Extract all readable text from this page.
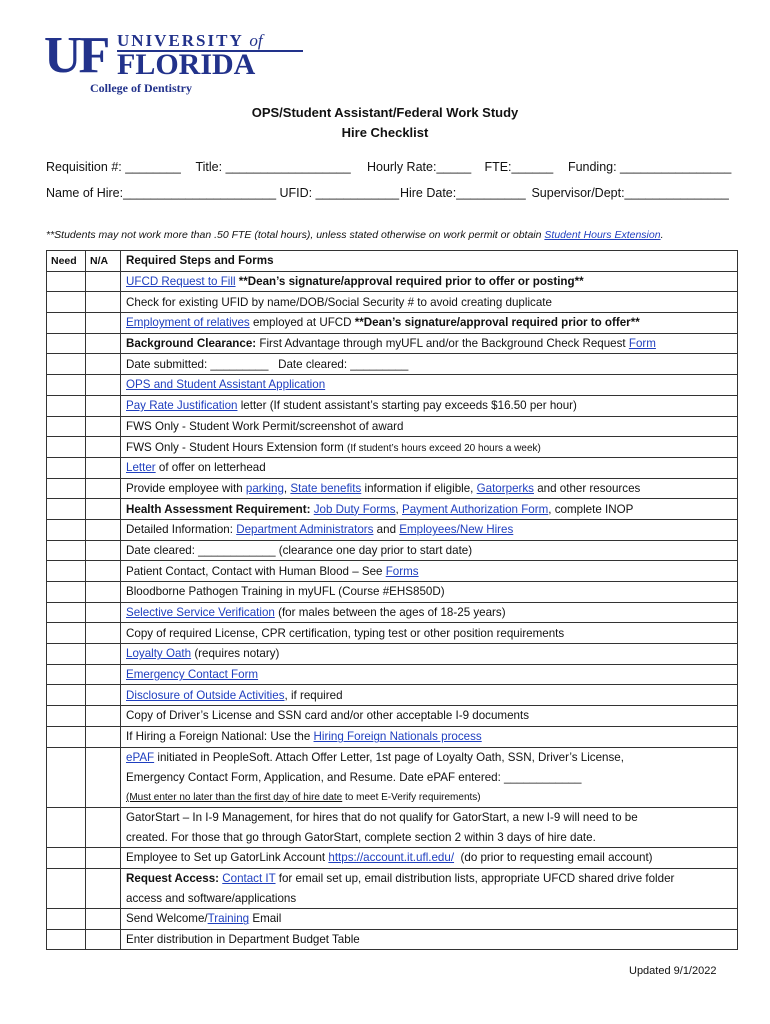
UF UNIVERSITY of
FLORIDA
College of Dentistry
OPS/Student Assistant/Federal Work Study
Hire Checklist
Requisition #: ________ Title: __________________ Hourly Rate:_____ FTE:______ Funding: ________________
Name of Hire:______________________ UFID: ____________ Hire Date:__________ Supervisor/Dept:_______________
**Students may not work more than .50 FTE (total hours), unless stated otherwise on work permit or obtain Student Hours Extension.
Need	N/A	Required Steps and Forms
		UFCD Request to Fill **Dean’s signature/approval required prior to offer or posting**
		Check for existing UFID by name/DOB/Social Security # to avoid creating duplicate
		Employment of relatives employed at UFCD **Dean’s signature/approval required prior to offer**
		Background Clearance: First Advantage through myUFL and/or the Background Check Request Form
		Date submitted: _________   Date cleared: _________
		OPS and Student Assistant Application
		Pay Rate Justification letter (If student assistant’s starting pay exceeds $16.50 per hour)
		FWS Only - Student Work Permit/screenshot of award
		FWS Only - Student Hours Extension form (If student’s hours exceed 20 hours a week)
		Letter of offer on letterhead
		Provide employee with parking, State benefits information if eligible, Gatorperks and other resources
		Health Assessment Requirement: Job Duty Forms, Payment Authorization Form, complete INOP
		Detailed Information: Department Administrators and Employees/New Hires
		Date cleared: ____________ (clearance one day prior to start date)
		Patient Contact, Contact with Human Blood – See Forms
		Bloodborne Pathogen Training in myUFL (Course #EHS850D)
		Selective Service Verification (for males between the ages of 18-25 years)
		Copy of required License, CPR certification, typing test or other position requirements
		Loyalty Oath (requires notary)
		Emergency Contact Form
		Disclosure of Outside Activities, if required
		Copy of Driver’s License and SSN card and/or other acceptable I-9 documents
		If Hiring a Foreign National: Use the Hiring Foreign Nationals process
		ePAF initiated in PeopleSoft. Attach Offer Letter, 1st page of Loyalty Oath, SSN, Driver’s License,
		Emergency Contact Form, Application, and Resume. Date ePAF entered: ____________
		(Must enter no later than the first day of hire date to meet E-Verify requirements)
		GatorStart – In I-9 Management, for hires that do not qualify for GatorStart, a new I-9 will need to be
		created. For those that go through GatorStart, complete section 2 within 3 days of hire date.
		Employee to Set up GatorLink Account https://account.it.ufl.edu/  (do prior to requesting email account)
		Request Access: Contact IT for email set up, email distribution lists, appropriate UFCD shared drive folder
		access and software/applications
		Send Welcome/Training Email
		Enter distribution in Department Budget Table
Updated 9/1/2022
